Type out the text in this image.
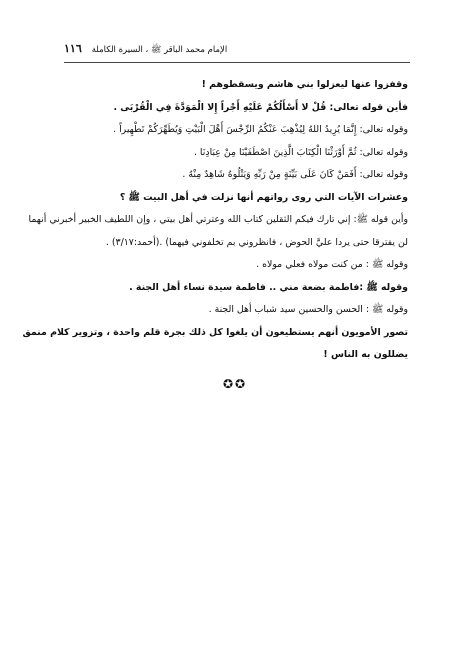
١١٦ الإمام محمد الباقر ﷺ ، السيرة الكاملة
وقفزوا عنها ليعزلوا بني هاشم ويسقطوهم !
فأين قوله تعالى: قُلْ لا أَسْأَلُكُمْ عَلَيْهِ أَجْراً إِلا الْمَوَدَّةَ فِي الْقُرْبَى .
وقوله تعالى: إِنَّمَا يُرِيدُ اللهُ لِيُذْهِبَ عَنْكُمُ الرِّجْسَ أَهْلَ الْبَيْتِ وَيُطَهِّرَكُمْ تَطْهِيراً .
وقوله تعالى: ثُمَّ أَوْرَثْنَا الْكِتَابَ الَّذِينَ اصْطَفَيْنَا مِنْ عِبَادِنَا .
وقوله تعالى: أَفَمَنْ كَانَ عَلَى بَيِّنَةٍ مِنْ رَبِّهِ وَيَتْلُوهُ شَاهِدٌ مِنْهُ .
وعشرات الآيات التي روى رواتهم أنها نزلت في أهل البيت ﷺ ؟
وأين قوله ﷺ: إني تارك فيكم الثقلين كتاب الله وعترتي أهل بيتي ، وإن اللطيف الخبير أخبرني أنهما
لن يفترقا حتى يردا عليَّ الحوض ، فانظروني بم تخلفوني فيهما) .(أحمد:٣/١٧) .
وقوله ﷺ : من كنت مولاه فعلي مولاه .
وقوله ﷺ :فاطمة بضعة مني .. فاطمة سيدة نساء أهل الجنة .
وقوله ﷺ : الحسن والحسين سيد شباب أهل الجنة .
تصور الأمويون أنهم يستطيعون أن يلغوا كل ذلك بجرة قلم واحدة ، وتزوير كلام منمق
يضللون به الناس !
✪✪
